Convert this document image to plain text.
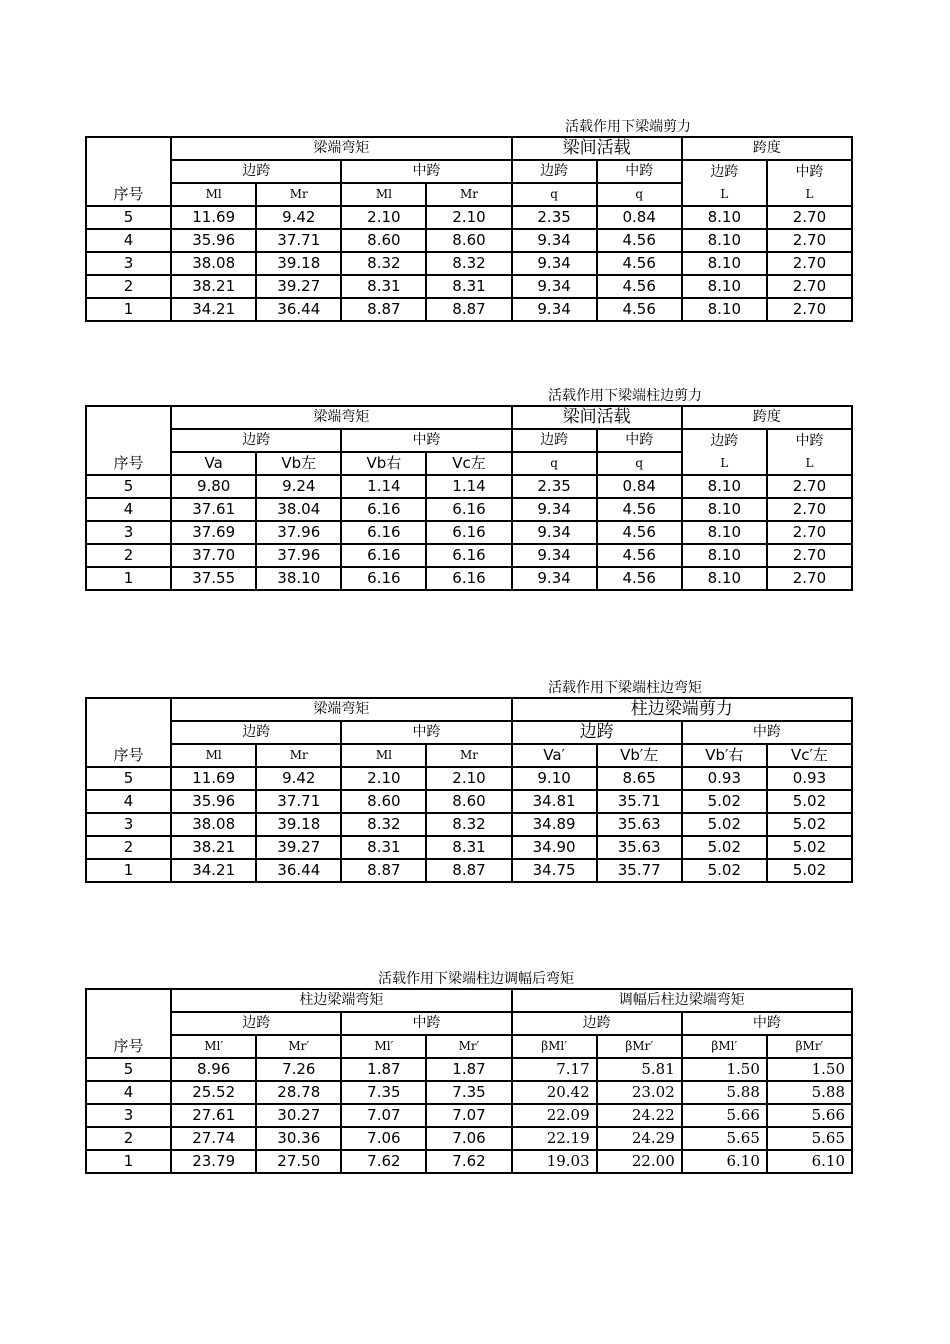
活载作用下梁端剪力
序号	梁端弯矩				梁间活载		跨度	
	边跨		中跨		边跨	中跨	边跨	中跨
	Ml	Mr	Ml	Mr	q	q	L	L
5	11.69	9.42	2.10	2.10	2.35	0.84	8.10	2.70
4	35.96	37.71	8.60	8.60	9.34	4.56	8.10	2.70
3	38.08	39.18	8.32	8.32	9.34	4.56	8.10	2.70
2	38.21	39.27	8.31	8.31	9.34	4.56	8.10	2.70
1	34.21	36.44	8.87	8.87	9.34	4.56	8.10	2.70
活载作用下梁端柱边剪力
序号	梁端弯矩				梁间活载		跨度	
	边跨		中跨		边跨	中跨	边跨	中跨
	Va	Vb左	Vb右	Vc左	q	q	L	L
5	9.80	9.24	1.14	1.14	2.35	0.84	8.10	2.70
4	37.61	38.04	6.16	6.16	9.34	4.56	8.10	2.70
3	37.69	37.96	6.16	6.16	9.34	4.56	8.10	2.70
2	37.70	37.96	6.16	6.16	9.34	4.56	8.10	2.70
1	37.55	38.10	6.16	6.16	9.34	4.56	8.10	2.70
活载作用下梁端柱边弯矩
序号	梁端弯矩				柱边梁端剪力			
	边跨		中跨		边跨		中跨	
	Ml	Mr	Ml	Mr	Va′	Vb′左	Vb′右	Vc′左
5	11.69	9.42	2.10	2.10	9.10	8.65	0.93	0.93
4	35.96	37.71	8.60	8.60	34.81	35.71	5.02	5.02
3	38.08	39.18	8.32	8.32	34.89	35.63	5.02	5.02
2	38.21	39.27	8.31	8.31	34.90	35.63	5.02	5.02
1	34.21	36.44	8.87	8.87	34.75	35.77	5.02	5.02
活载作用下梁端柱边调幅后弯矩
序号	柱边梁端弯矩				调幅后柱边梁端弯矩			
	边跨		中跨		边跨		中跨	
	Ml′	Mr′	Ml′	Mr′	βMl′	βMr′	βMl′	βMr′
5	8.96	7.26	1.87	1.87	7.17	5.81	1.50	1.50
4	25.52	28.78	7.35	7.35	20.42	23.02	5.88	5.88
3	27.61	30.27	7.07	7.07	22.09	24.22	5.66	5.66
2	27.74	30.36	7.06	7.06	22.19	24.29	5.65	5.65
1	23.79	27.50	7.62	7.62	19.03	22.00	6.10	6.10
